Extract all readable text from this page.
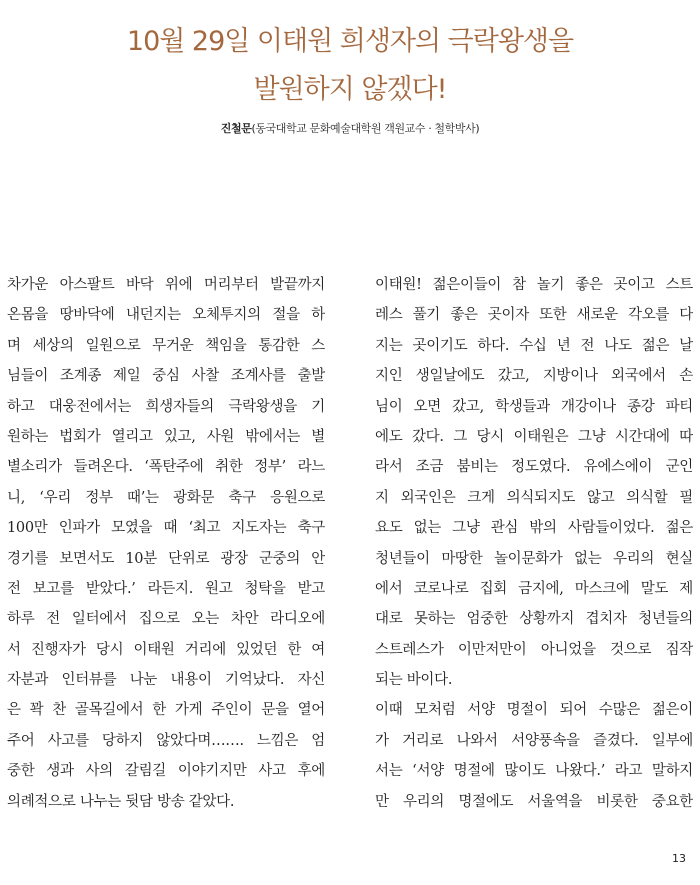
10월 29일 이태원 희생자의 극락왕생을
발원하지 않겠다!
진철문(동국대학교 문화예술대학원 객원교수 · 철학박사)
차가운 아스팔트 바닥 위에 머리부터 발끝까지
온몸을 땅바닥에 내던지는 오체투지의 절을 하
며 세상의 일원으로 무거운 책임을 통감한 스
님들이 조계종 제일 중심 사찰 조계사를 출발
하고 대웅전에서는 희생자들의 극락왕생을 기
원하는 법회가 열리고 있고, 사원 밖에서는 별
별소리가 들려온다. ‘폭탄주에 취한 정부’ 라느
니, ‘우리 정부 때’는 광화문 축구 응원으로
100만 인파가 모였을 때 ‘최고 지도자는 축구
경기를 보면서도 10분 단위로 광장 군중의 안
전 보고를 받았다.’ 라든지. 원고 청탁을 받고
하루 전 일터에서 집으로 오는 차안 라디오에
서 진행자가 당시 이태원 거리에 있었던 한 여
자분과 인터뷰를 나눈 내용이 기억났다. 자신
은 꽉 찬 골목길에서 한 가게 주인이 문을 열어
주어 사고를 당하지 않았다며……. 느낌은 엄
중한 생과 사의 갈림길 이야기지만 사고 후에
의례적으로 나누는 뒷담 방송 같았다.
이태원! 젊은이들이 참 놀기 좋은 곳이고 스트
레스 풀기 좋은 곳이자 또한 새로운 각오를 다
지는 곳이기도 하다. 수십 년 전 나도 젊은 날
지인 생일날에도 갔고, 지방이나 외국에서 손
님이 오면 갔고, 학생들과 개강이나 종강 파티
에도 갔다. 그 당시 이태원은 그냥 시간대에 따
라서 조금 붐비는 정도였다. 유에스에이 군인
지 외국인은 크게 의식되지도 않고 의식할 필
요도 없는 그냥 관심 밖의 사람들이었다. 젊은
청년들이 마땅한 놀이문화가 없는 우리의 현실
에서 코로나로 집회 금지에, 마스크에 말도 제
대로 못하는 엄중한 상황까지 겹치자 청년들의
스트레스가 이만저만이 아니었을 것으로 짐작
되는 바이다.
이때 모처럼 서양 명절이 되어 수많은 젊은이
가 거리로 나와서 서양풍속을 즐겼다. 일부에
서는 ‘서양 명절에 많이도 나왔다.’ 라고 말하지
만 우리의 명절에도 서울역을 비롯한 중요한
13
